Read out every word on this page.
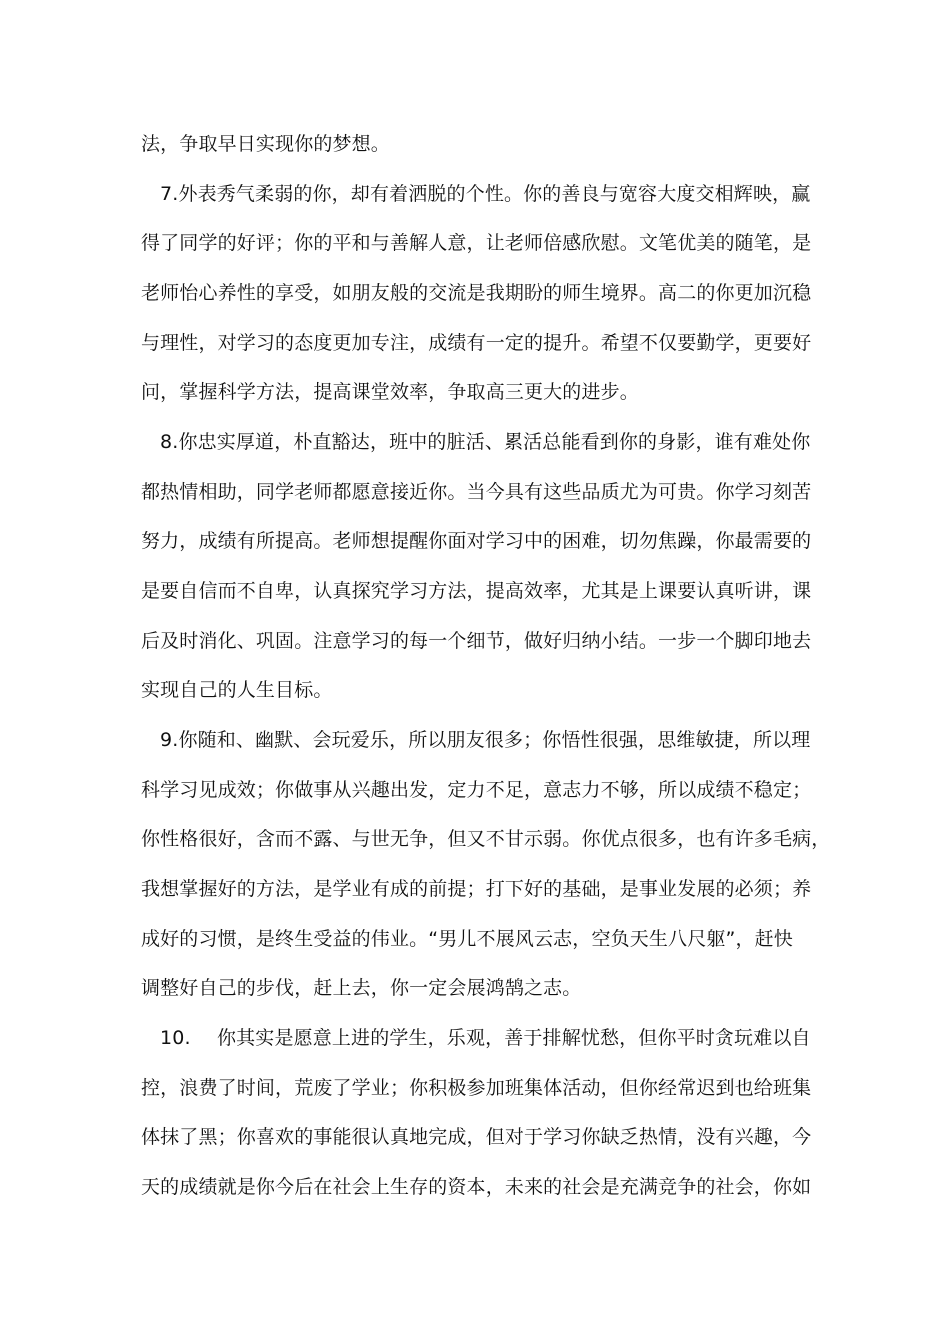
法，争取早日实现你的梦想。
7.外表秀气柔弱的你，却有着洒脱的个性。你的善良与宽容大度交相辉映，赢
得了同学的好评；你的平和与善解人意，让老师倍感欣慰。文笔优美的随笔，是
老师怡心养性的享受，如朋友般的交流是我期盼的师生境界。高二的你更加沉稳
与理性，对学习的态度更加专注，成绩有一定的提升。希望不仅要勤学，更要好
问，掌握科学方法，提高课堂效率，争取高三更大的进步。
8.你忠实厚道，朴直豁达，班中的脏活、累活总能看到你的身影，谁有难处你
都热情相助，同学老师都愿意接近你。当今具有这些品质尤为可贵。你学习刻苦
努力，成绩有所提高。老师想提醒你面对学习中的困难，切勿焦躁，你最需要的
是要自信而不自卑，认真探究学习方法，提高效率，尤其是上课要认真听讲，课
后及时消化、巩固。注意学习的每一个细节，做好归纳小结。一步一个脚印地去
实现自己的人生目标。
9.你随和、幽默、会玩爱乐，所以朋友很多；你悟性很强，思维敏捷，所以理
科学习见成效；你做事从兴趣出发，定力不足，意志力不够，所以成绩不稳定；
你性格很好，含而不露、与世无争，但又不甘示弱。你优点很多，也有许多毛病，
我想掌握好的方法，是学业有成的前提；打下好的基础，是事业发展的必须；养
成好的习惯，是终生受益的伟业。“男儿不展风云志，空负天生八尺躯”，赶快
调整好自己的步伐，赶上去，你一定会展鸿鹄之志。
10. 你其实是愿意上进的学生，乐观，善于排解忧愁，但你平时贪玩难以自
控，浪费了时间，荒废了学业；你积极参加班集体活动，但你经常迟到也给班集
体抹了黑；你喜欢的事能很认真地完成，但对于学习你缺乏热情，没有兴趣，今
天的成绩就是你今后在社会上生存的资本，未来的社会是充满竞争的社会，你如
